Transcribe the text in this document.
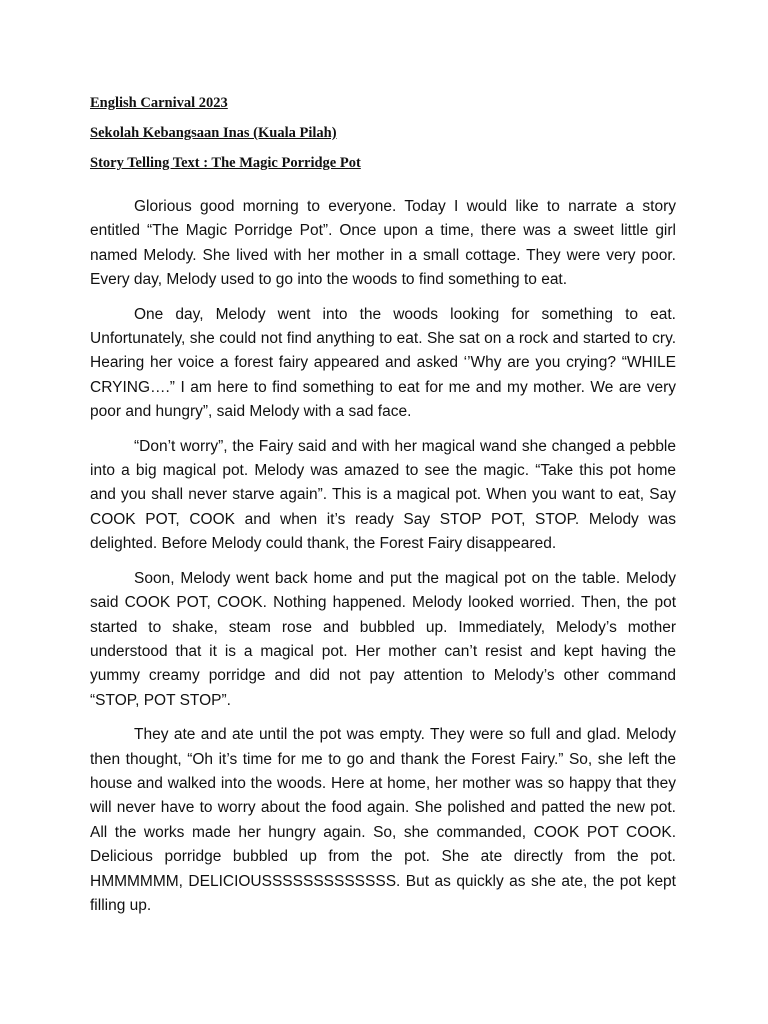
English Carnival 2023
Sekolah Kebangsaan Inas (Kuala Pilah)
Story Telling Text : The Magic Porridge Pot

Glorious good morning to everyone. Today I would like to narrate a story entitled “The Magic Porridge Pot”. Once upon a time, there was a sweet little girl named Melody. She lived with her mother in a small cottage. They were very poor. Every day, Melody used to go into the woods to find something to eat.

One day, Melody went into the woods looking for something to eat. Unfortunately, she could not find anything to eat. She sat on a rock and started to cry. Hearing her voice a forest fairy appeared and asked ‘’Why are you crying? “WHILE CRYING….” I am here to find something to eat for me and my mother. We are very poor and hungry”, said Melody with a sad face.

“Don’t worry”, the Fairy said and with her magical wand she changed a pebble into a big magical pot. Melody was amazed to see the magic. “Take this pot home and you shall never starve again”. This is a magical pot. When you want to eat, Say COOK POT, COOK and when it’s ready Say STOP POT, STOP. Melody was delighted. Before Melody could thank, the Forest Fairy disappeared.

Soon, Melody went back home and put the magical pot on the table. Melody said COOK POT, COOK. Nothing happened. Melody looked worried. Then, the pot started to shake, steam rose and bubbled up. Immediately, Melody’s mother understood that it is a magical pot. Her mother can’t resist and kept having the yummy creamy porridge and did not pay attention to Melody’s other command “STOP, POT STOP”.

They ate and ate until the pot was empty. They were so full and glad. Melody then thought, “Oh it’s time for me to go and thank the Forest Fairy.” So, she left the house and walked into the woods. Here at home, her mother was so happy that they will never have to worry about the food again. She polished and patted the new pot. All the works made her hungry again. So, she commanded, COOK POT COOK. Delicious porridge bubbled up from the pot. She ate directly from the pot. HMMMMMM, DELICIOUSSSSSSSSSSSSS. But as quickly as she ate, the pot kept filling up.
